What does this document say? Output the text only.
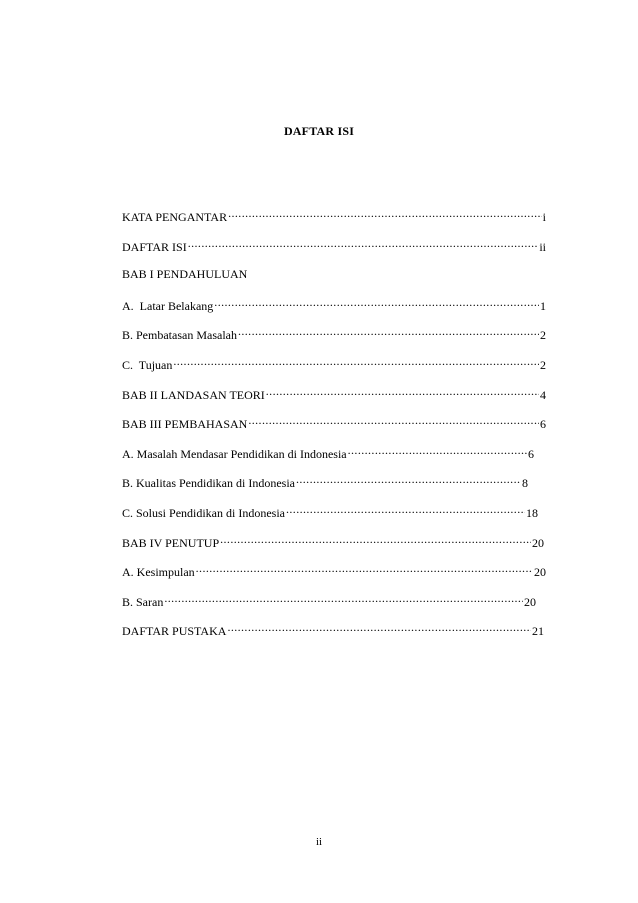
DAFTAR ISI
KATA PENGANTAR .....	i
DAFTAR ISI .....	ii
BAB I PENDAHULUAN
A.  Latar Belakang .....	1
B. Pembatasan Masalah .....	2
C.  Tujuan .....	2
BAB II LANDASAN TEORI .....	4
BAB III PEMBAHASAN .....	6
A. Masalah Mendasar Pendidikan di Indonesia .....	6
B. Kualitas Pendidikan di Indonesia .....	8
C. Solusi Pendidikan di Indonesia .....	18
BAB IV PENUTUP .....	20
A. Kesimpulan .....	20
B. Saran .....	20
DAFTAR PUSTAKA .....	21
ii
